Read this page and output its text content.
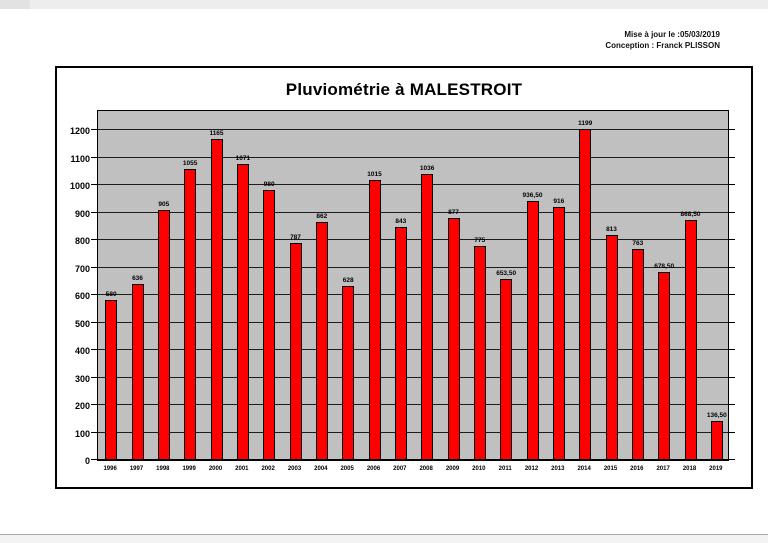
Mise à jour le :05/03/2019
Conception : Franck PLISSON
Pluviométrie à MALESTROIT
0
100
200
300
400
500
600
700
800
900
1000
1100
1200
580
636
905
1055
1165
1071
980
787
862
628
1015
843
1036
877
775
653,50
936,50
916
1199
813
763
678,50
868,50
136,50
1996	1997	1998	1999	2000	2001	2002	2003	2004	2005	2006	2007	2008	2009	2010	2011	2012	2013	2014	2015	2016	2017	2018	2019
